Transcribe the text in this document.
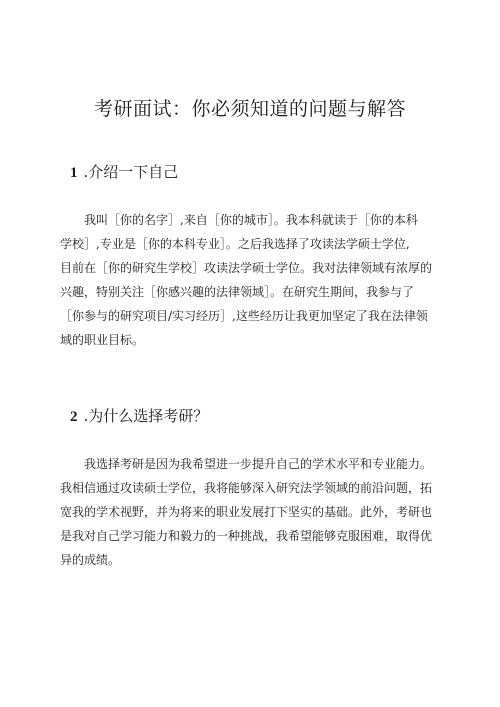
考研面试：你必须知道的问题与解答
1 .介绍一下自己
　　我叫［你的名字］,来自［你的城市］。我本科就读于［你的本科
学校］,专业是［你的本科专业］。之后我选择了攻读法学硕士学位,
目前在［你的研究生学校］攻读法学硕士学位。我对法律领域有浓厚的
兴趣，特别关注［你感兴趣的法律领域］。在研究生期间，我参与了
［你参与的研究项目/实习经历］,这些经历让我更加坚定了我在法律领
域的职业目标。
2 .为什么选择考研？
　　我选择考研是因为我希望进一步提升自己的学术水平和专业能力。
我相信通过攻读硕士学位，我将能够深入研究法学领域的前沿问题，拓
宽我的学术视野，并为将来的职业发展打下坚实的基础。此外，考研也
是我对自己学习能力和毅力的一种挑战，我希望能够克服困难，取得优
异的成绩。
